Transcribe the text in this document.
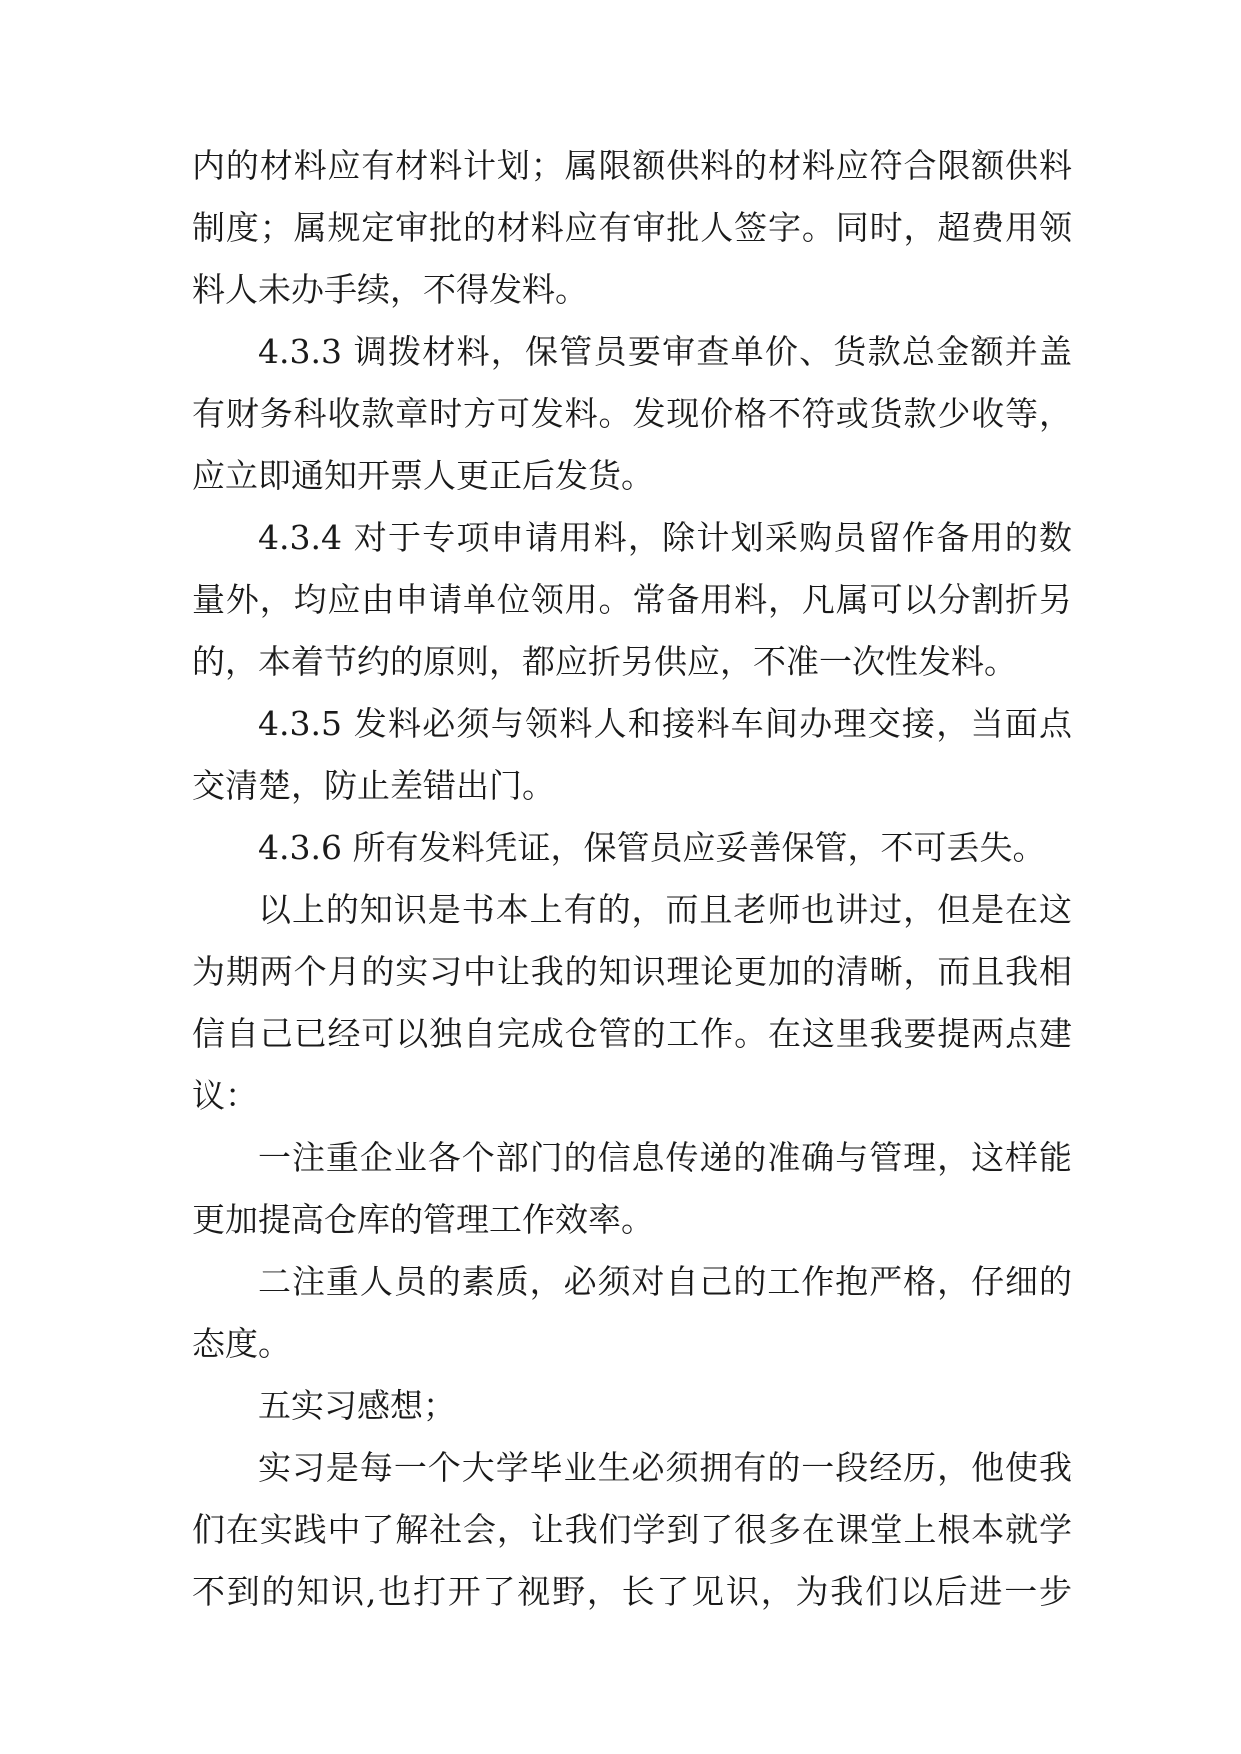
内的材料应有材料计划；属限额供料的材料应符合限额供料
制度；属规定审批的材料应有审批人签字。同时，超费用领
料人未办手续，不得发料。
4.3.3 调拨材料，保管员要审查单价、货款总金额并盖
有财务科收款章时方可发料。发现价格不符或货款少收等，
应立即通知开票人更正后发货。
4.3.4 对于专项申请用料，除计划采购员留作备用的数
量外，均应由申请单位领用。常备用料，凡属可以分割折另
的，本着节约的原则，都应折另供应，不准一次性发料。
4.3.5 发料必须与领料人和接料车间办理交接，当面点
交清楚，防止差错出门。
4.3.6 所有发料凭证，保管员应妥善保管，不可丢失。
以上的知识是书本上有的，而且老师也讲过，但是在这
为期两个月的实习中让我的知识理论更加的清晰，而且我相
信自己已经可以独自完成仓管的工作。在这里我要提两点建
议：
一注重企业各个部门的信息传递的准确与管理，这样能
更加提高仓库的管理工作效率。
二注重人员的素质，必须对自己的工作抱严格，仔细的
态度。
五实习感想；
实习是每一个大学毕业生必须拥有的一段经历，他使我
们在实践中了解社会，让我们学到了很多在课堂上根本就学
不到的知识,也打开了视野，长了见识，为我们以后进一步
